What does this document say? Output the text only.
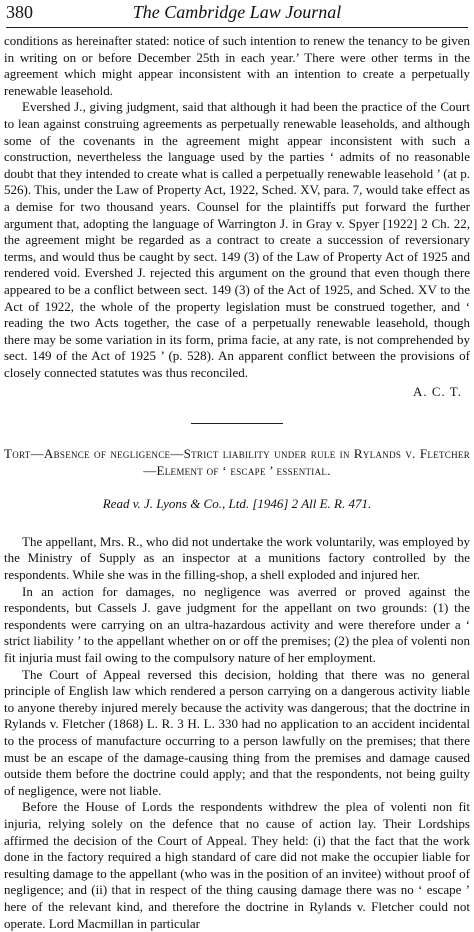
380	The Cambridge Law Journal

conditions as hereinafter stated: notice of such intention to renew the tenancy to be given in writing on or before December 25th in each year.’ There were other terms in the agreement which might appear inconsistent with an intention to create a perpetually renewable leasehold.

Evershed J., giving judgment, said that although it had been the practice of the Court to lean against construing agreements as perpetually renewable leaseholds, and although some of the covenants in the agreement might appear inconsistent with such a construction, nevertheless the language used by the parties ‘ admits of no reasonable doubt that they intended to create what is called a perpetually renewable leasehold ’ (at p. 526). This, under the Law of Property Act, 1922, Sched. XV, para. 7, would take effect as a demise for two thousand years. Counsel for the plaintiffs put forward the further argument that, adopting the language of Warrington J. in Gray v. Spyer [1922] 2 Ch. 22, the agreement might be regarded as a contract to create a succession of reversionary terms, and would thus be caught by sect. 149 (3) of the Law of Property Act of 1925 and rendered void. Evershed J. rejected this argument on the ground that even though there appeared to be a conflict between sect. 149 (3) of the Act of 1925, and Sched. XV to the Act of 1922, the whole of the property legislation must be construed together, and ‘ reading the two Acts together, the case of a perpetually renewable leasehold, though there may be some variation in its form, prima facie, at any rate, is not comprehended by sect. 149 of the Act of 1925 ’ (p. 528). An apparent conflict between the provisions of closely connected statutes was thus reconciled.

A. C. T.

Tort—Absence of negligence—Strict liability under rule in Rylands v. Fletcher—Element of ‘ escape ’ essential.

Read v. J. Lyons & Co., Ltd. [1946] 2 All E. R. 471.

The appellant, Mrs. R., who did not undertake the work voluntarily, was employed by the Ministry of Supply as an inspector at a munitions factory controlled by the respondents. While she was in the filling-shop, a shell exploded and injured her.

In an action for damages, no negligence was averred or proved against the respondents, but Cassels J. gave judgment for the appellant on two grounds: (1) the respondents were carrying on an ultra-hazardous activity and were therefore under a ‘ strict liability ’ to the appellant whether on or off the premises; (2) the plea of volenti non fit injuria must fail owing to the compulsory nature of her employment.

The Court of Appeal reversed this decision, holding that there was no general principle of English law which rendered a person carrying on a dangerous activity liable to anyone thereby injured merely because the activity was dangerous; that the doctrine in Rylands v. Fletcher (1868) L. R. 3 H. L. 330 had no application to an accident incidental to the process of manufacture occurring to a person lawfully on the premises; that there must be an escape of the damage-causing thing from the premises and damage caused outside them before the doctrine could apply; and that the respondents, not being guilty of negligence, were not liable.

Before the House of Lords the respondents withdrew the plea of volenti non fit injuria, relying solely on the defence that no cause of action lay. Their Lordships affirmed the decision of the Court of Appeal. They held: (i) that the fact that the work done in the factory required a high standard of care did not make the occupier liable for resulting damage to the appellant (who was in the position of an invitee) without proof of negligence; and (ii) that in respect of the thing causing damage there was no ‘ escape ’ here of the relevant kind, and therefore the doctrine in Rylands v. Fletcher could not operate. Lord Macmillan in particular
